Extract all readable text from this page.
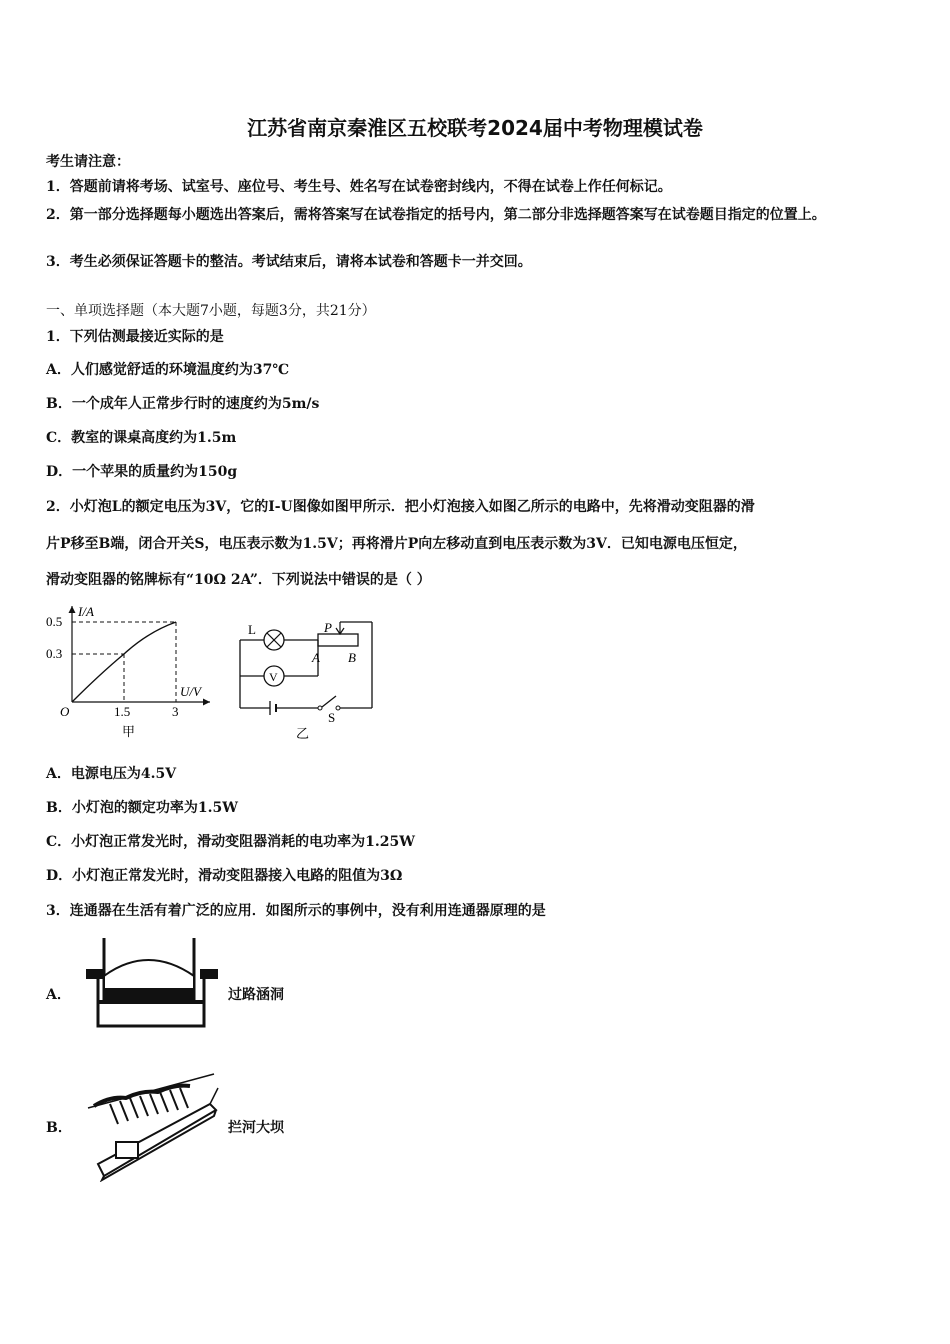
江苏省南京秦淮区五校联考2024届中考物理模试卷
考生请注意：
1．答题前请将考场、试室号、座位号、考生号、姓名写在试卷密封线内，不得在试卷上作任何标记。
2．第一部分选择题每小题选出答案后，需将答案写在试卷指定的括号内，第二部分非选择题答案写在试卷题目指定的位置上。
3．考生必须保证答题卡的整洁。考试结束后，请将本试卷和答题卡一并交回。
一、单项选择题（本大题7小题，每题3分，共21分）
1．下列估测最接近实际的是
A．人们感觉舒适的环境温度约为37℃
B．一个成年人正常步行时的速度约为5m/s
C．教室的课桌高度约为1.5m
D．一个苹果的质量约为150g
2．小灯泡L的额定电压为3V，它的I-U图像如图甲所示．把小灯泡接入如图乙所示的电路中，先将滑动变阻器的滑
片P移至B端，闭合开关S，电压表示数为1.5V；再将滑片P向左移动直到电压表示数为3V．已知电源电压恒定，
滑动变阻器的铭牌标有“10Ω 2A”．下列说法中错误的是（ ）
I/A
U/V
0.5
0.3
O	1.5	3
甲
L
V
P
A B
S
乙
A．电源电压为4.5V
B．小灯泡的额定功率为1.5W
C．小灯泡正常发光时，滑动变阻器消耗的电功率为1.25W
D．小灯泡正常发光时，滑动变阻器接入电路的阻值为3Ω
3．连通器在生活有着广泛的应用．如图所示的事例中，没有利用连通器原理的是
A．	过路涵洞
B．	拦河大坝
